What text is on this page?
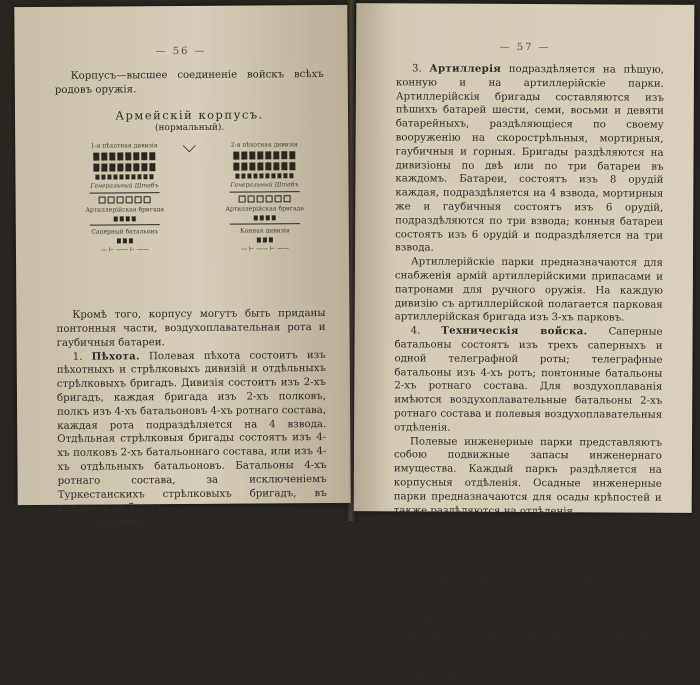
— 56 —

Корпусъ—высшее соединеніе войскъ всѣхъ родовъ оружія.

Армейскій корпусъ.
(нормальный).
1-я пѣхотная дивизія
Генеральный Штабъ
Артиллерійская бригада
Саперный батальонъ
— ⊢ —— ⊢ ——
⌵	2-я пѣхотная дивизія
Генеральный Штабъ
Артиллерійская бригада
Конная дивизія
— ⊢ —— ⊢ ——

Кромѣ того, корпусу могутъ быть приданы понтонныя части, воздухоплавательная рота и гаубичныя батареи.

1. Пѣхота. Полевая пѣхота состоитъ изъ пѣхотныхъ и стрѣлковыхъ дивизій и отдѣльныхъ стрѣлковыхъ бригадъ. Дивизія состоитъ изъ 2-хъ бригадъ, каждая бригада изъ 2-хъ полковъ, полкъ изъ 4-хъ батальоновъ 4-хъ ротнаго состава, каждая рота подраздѣляется на 4 взвода. Отдѣльная стрѣлковыя бригады состоятъ изъ 4-хъ полковъ 2-хъ батальоннаго состава, или изъ 4-хъ отдѣльныхъ батальоновъ. Батальоны 4-хъ ротнаго состава, за исключеніемъ Туркестанскихъ стрѣлковыхъ бригадъ, въ которыхъ по 5 ротъ.

2. Конница. Дивизія состоитъ изъ 2-хъ бригадъ, по два полка 6 эскадроннаго состава (кирасирскіе—4 эск. въ каждой. Эскадроны дѣлятся на 4 взвода).

— 57 —

3. Артиллерія подраздѣляется на пѣшую, конную и на артиллерійскіе парки. Артиллерійскія бригады составляются изъ пѣшихъ батарей шести, семи, восьми и девяти батарейныхъ, раздѣляющіеся по своему вооруженію на скорострѣльныя, мортирныя, гаубичныя и горныя. Бригады раздѣляются на дивизіоны по двѣ или по три батареи въ каждомъ. Батареи, состоятъ изъ 8 орудій каждая, подраздѣляется на 4 взвода, мортирныя же и гаубичныя состоятъ изъ 6 орудій, подраздѣляются по три взвода; конныя батареи состоятъ изъ 6 орудій и подраздѣляется на три взвода.

Артиллерійскіе парки предназначаются для снабженія армій артиллерійскими припасами и патронами для ручного оружія. На каждую дивизію съ артиллерійской полагается парковая артиллерійская бригада изъ 3-хъ парковъ.

4. Техническія войска. Саперные батальоны состоятъ изъ трехъ саперныхъ и одной телеграфной роты; телеграфные батальоны изъ 4-хъ ротъ; понтонные батальоны 2-хъ ротнаго состава. Для воздухоплаванія имѣются воздухоплавательные батальоны 2-хъ ротнаго состава и полевыя воздухоплавательныя отдѣленія.

Полевые инженерные парки представляютъ собою подвижные запасы инженернаго имущества. Каждый паркъ раздѣляется на корпусныя отдѣленія. Осадные инженерные парки предназначаются для осады крѣпостей и также раздѣляются на отдѣленія.

Желѣзнодорожные батальоны содержатся составъ 4—6 ротъ каждый.

Обозныя части. Къ частямъ вспомогательнаго назначенія относятся обозные батальоны и роты, предназначаемые для формированія военныхъ транспортовъ, служащихъ для подвоза въ армію продовольственныхъ и другихъ запасовъ. Батальоны изъ 4-хъ ротъ, роты, подраздѣляются на 5 взводовъ каждая. Каждый взводъ формируетъ военный транспортъ.

Численныя данныя частей войскъ приведены въ слѣдующихъ таблицахъ.
